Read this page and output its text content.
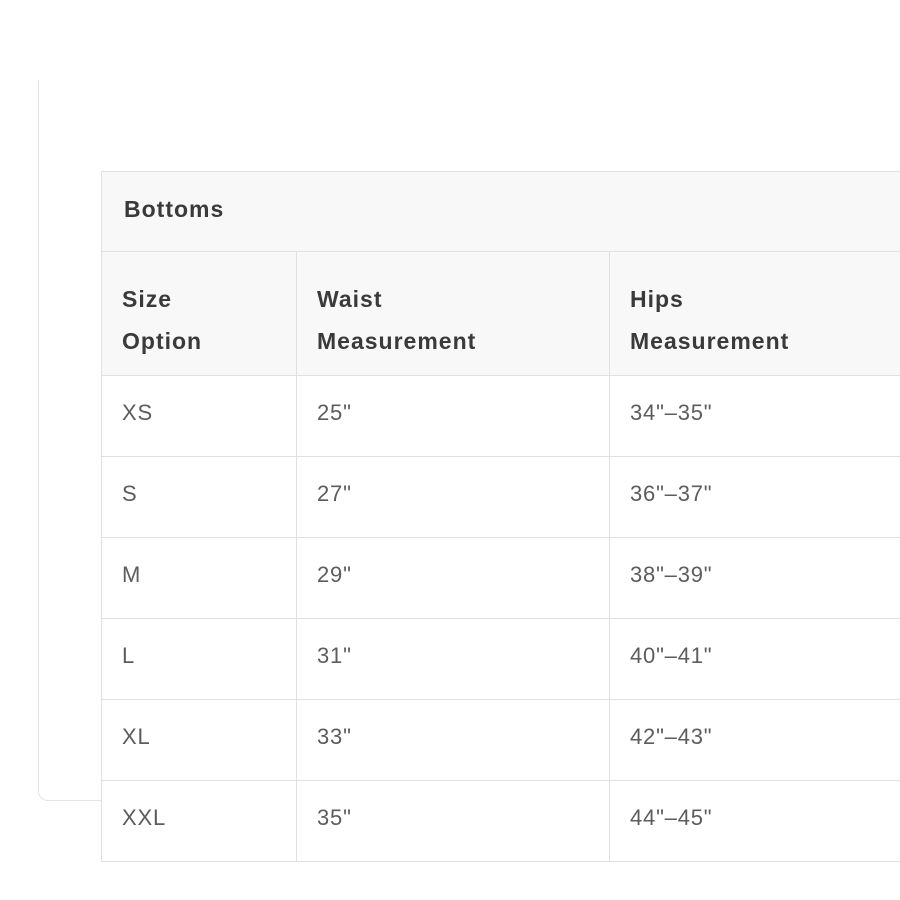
Bottoms		
Size Option	Waist Measurement	Hips Measurement
XS	25"	34"–35"
S	27"	36"–37"
M	29"	38"–39"
L	31"	40"–41"
XL	33"	42"–43"
XXL	35"	44"–45"
